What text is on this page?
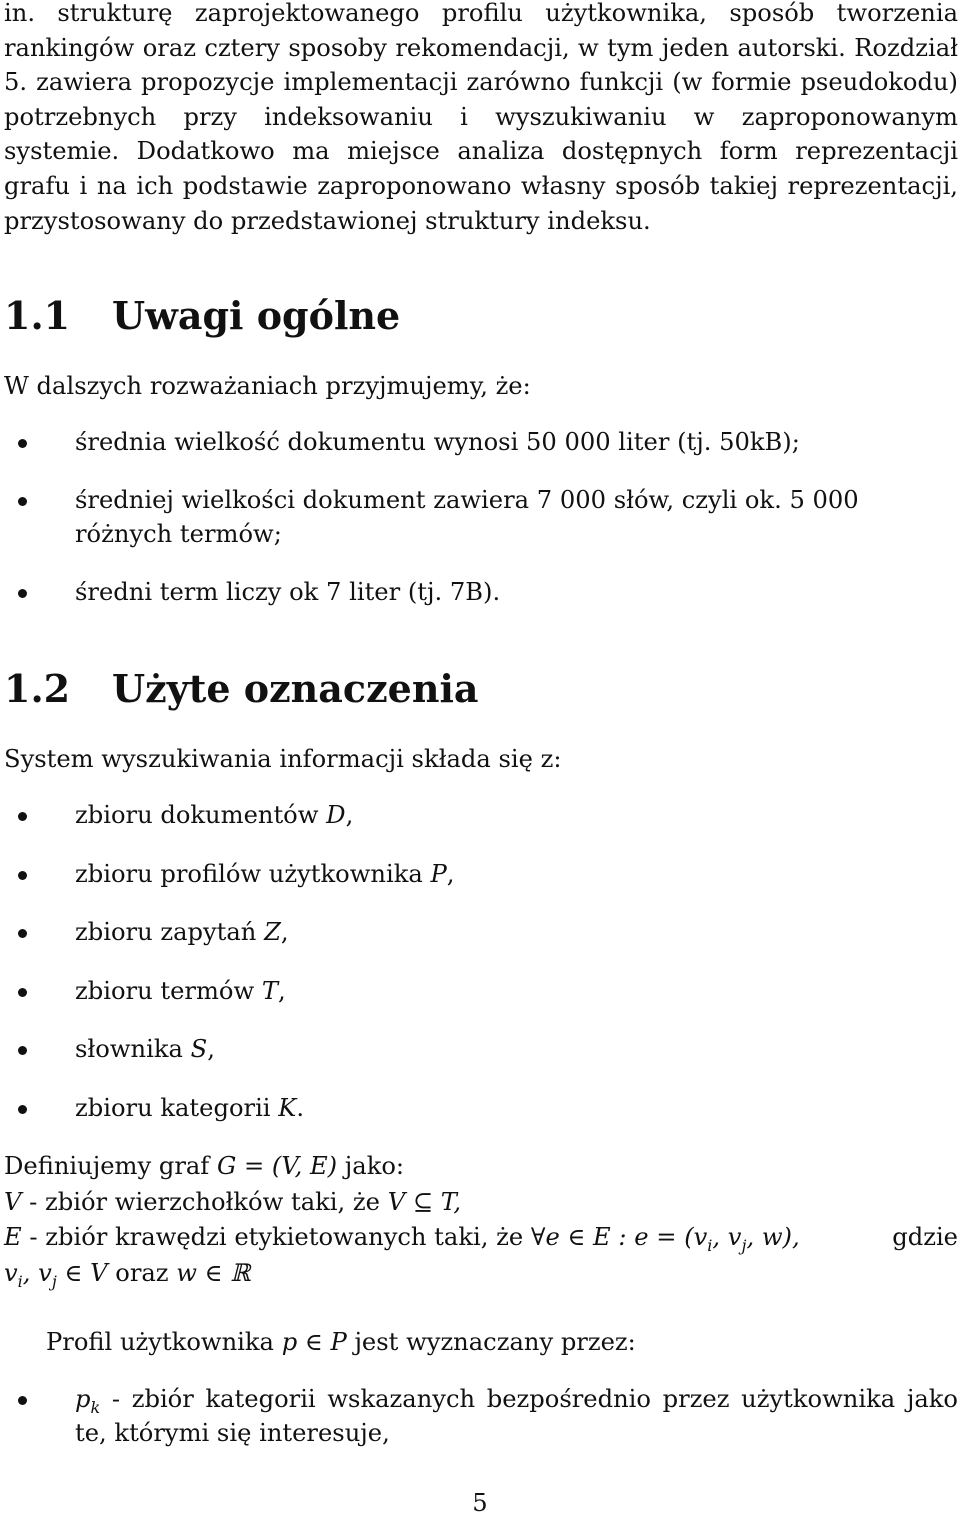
in. strukturę zaprojektowanego profilu użytkownika, sposób tworzenia rankingów oraz cztery sposoby rekomendacji, w tym jeden autorski. Rozdział 5. zawiera propozycje implementacji zarówno funkcji (w formie pseudokodu) potrzebnych przy indeksowaniu i wyszukiwaniu w zaproponowanym systemie. Dodatkowo ma miejsce analiza dostępnych form reprezentacji grafu i na ich podstawie zaproponowano własny sposób takiej reprezentacji, przystosowany do przedstawionej struktury indeksu.

1.1 Uwagi ogólne

W dalszych rozważaniach przyjmujemy, że:

średnia wielkość dokumentu wynosi 50 000 liter (tj. 50kB);
średniej wielkości dokument zawiera 7 000 słów, czyli ok. 5 000 różnych termów;
średni term liczy ok 7 liter (tj. 7B).
1.2 Użyte oznaczenia

System wyszukiwania informacji składa się z:

zbioru dokumentów D,
zbioru profilów użytkownika P,
zbioru zapytań Z,
zbioru termów T,
słownika S,
zbioru kategorii K.
Definiujemy graf G = (V, E) jako:
V - zbiór wierzchołków taki, że V ⊆ T,
E - zbiór krawędzi etykietowanych taki, że ∀e ∈ E : $e = (v_i$, $v_j$, w),	gdzie
$v_i$, $v_j$ ∈ V oraz w ∈ ℝ

Profil użytkownika p ∈ P jest wyznaczany przez:

$p_k$ - zbiór kategorii wskazanych bezpośrednio przez użytkownika jako te, którymi się interesuje,
5
